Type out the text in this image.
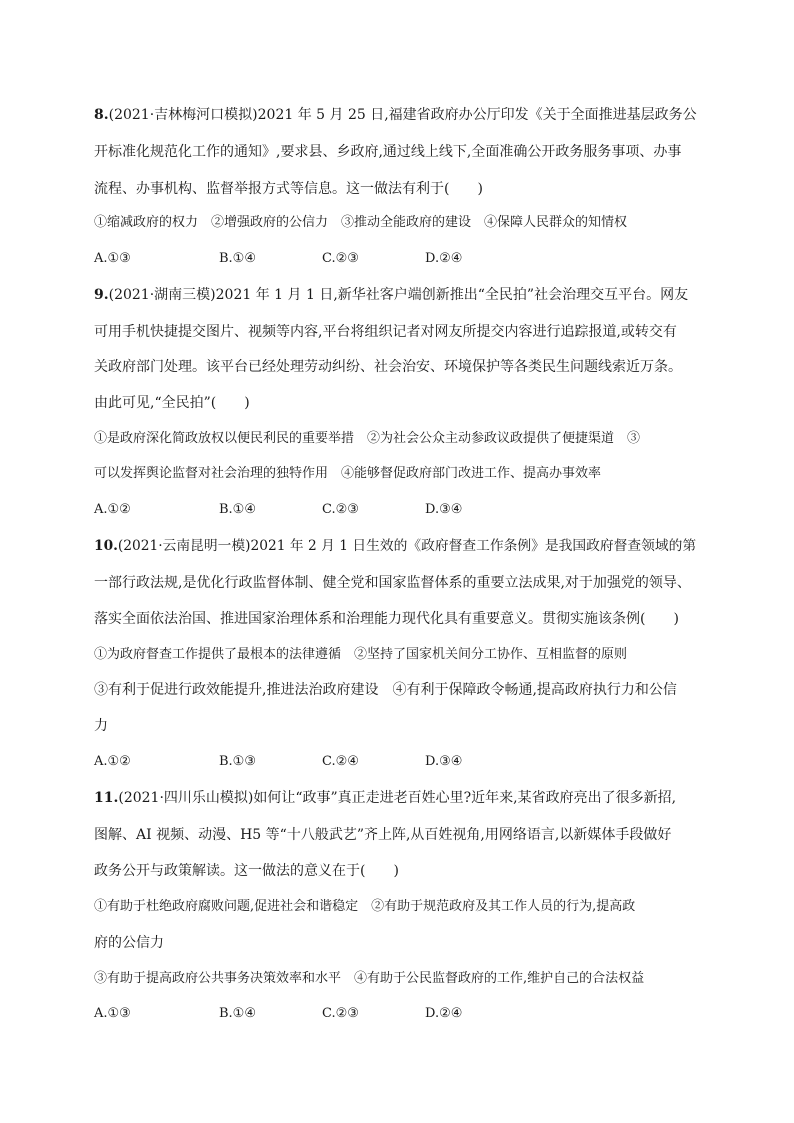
8.(2021·吉林梅河口模拟)2021 年 5 月 25 日,福建省政府办公厅印发《关于全面推进基层政务公
开标准化规范化工作的通知》,要求县、乡政府,通过线上线下,全面准确公开政务服务事项、办事
流程、办事机构、监督举报方式等信息。这一做法有利于(　　)
①缩减政府的权力　②增强政府的公信力　③推动全能政府的建设　④保障人民群众的知情权
A.①③	B.①④	C.②③	D.②④
9.(2021·湖南三模)2021 年 1 月 1 日,新华社客户端创新推出“全民拍”社会治理交互平台。网友
可用手机快捷提交图片、视频等内容,平台将组织记者对网友所提交内容进行追踪报道,或转交有
关政府部门处理。该平台已经处理劳动纠纷、社会治安、环境保护等各类民生问题线索近万条。
由此可见,“全民拍”(　　)
①是政府深化简政放权以便民利民的重要举措　②为社会公众主动参政议政提供了便捷渠道　③
可以发挥舆论监督对社会治理的独特作用　④能够督促政府部门改进工作、提高办事效率
A.①②	B.①④	C.②③	D.③④
10.(2021·云南昆明一模)2021 年 2 月 1 日生效的《政府督查工作条例》是我国政府督查领域的第
一部行政法规,是优化行政监督体制、健全党和国家监督体系的重要立法成果,对于加强党的领导、
落实全面依法治国、推进国家治理体系和治理能力现代化具有重要意义。贯彻实施该条例(　　)
①为政府督查工作提供了最根本的法律遵循　②坚持了国家机关间分工协作、互相监督的原则
③有利于促进行政效能提升,推进法治政府建设　④有利于保障政令畅通,提高政府执行力和公信
力
A.①②	B.①③	C.②④	D.③④
11.(2021·四川乐山模拟)如何让“政事”真正走进老百姓心里?近年来,某省政府亮出了很多新招,
图解、AI 视频、动漫、H5 等“十八般武艺”齐上阵,从百姓视角,用网络语言,以新媒体手段做好
政务公开与政策解读。这一做法的意义在于(　　)
①有助于杜绝政府腐败问题,促进社会和谐稳定　②有助于规范政府及其工作人员的行为,提高政
府的公信力
③有助于提高政府公共事务决策效率和水平　④有助于公民监督政府的工作,维护自己的合法权益
A.①③	B.①④	C.②③	D.②④
